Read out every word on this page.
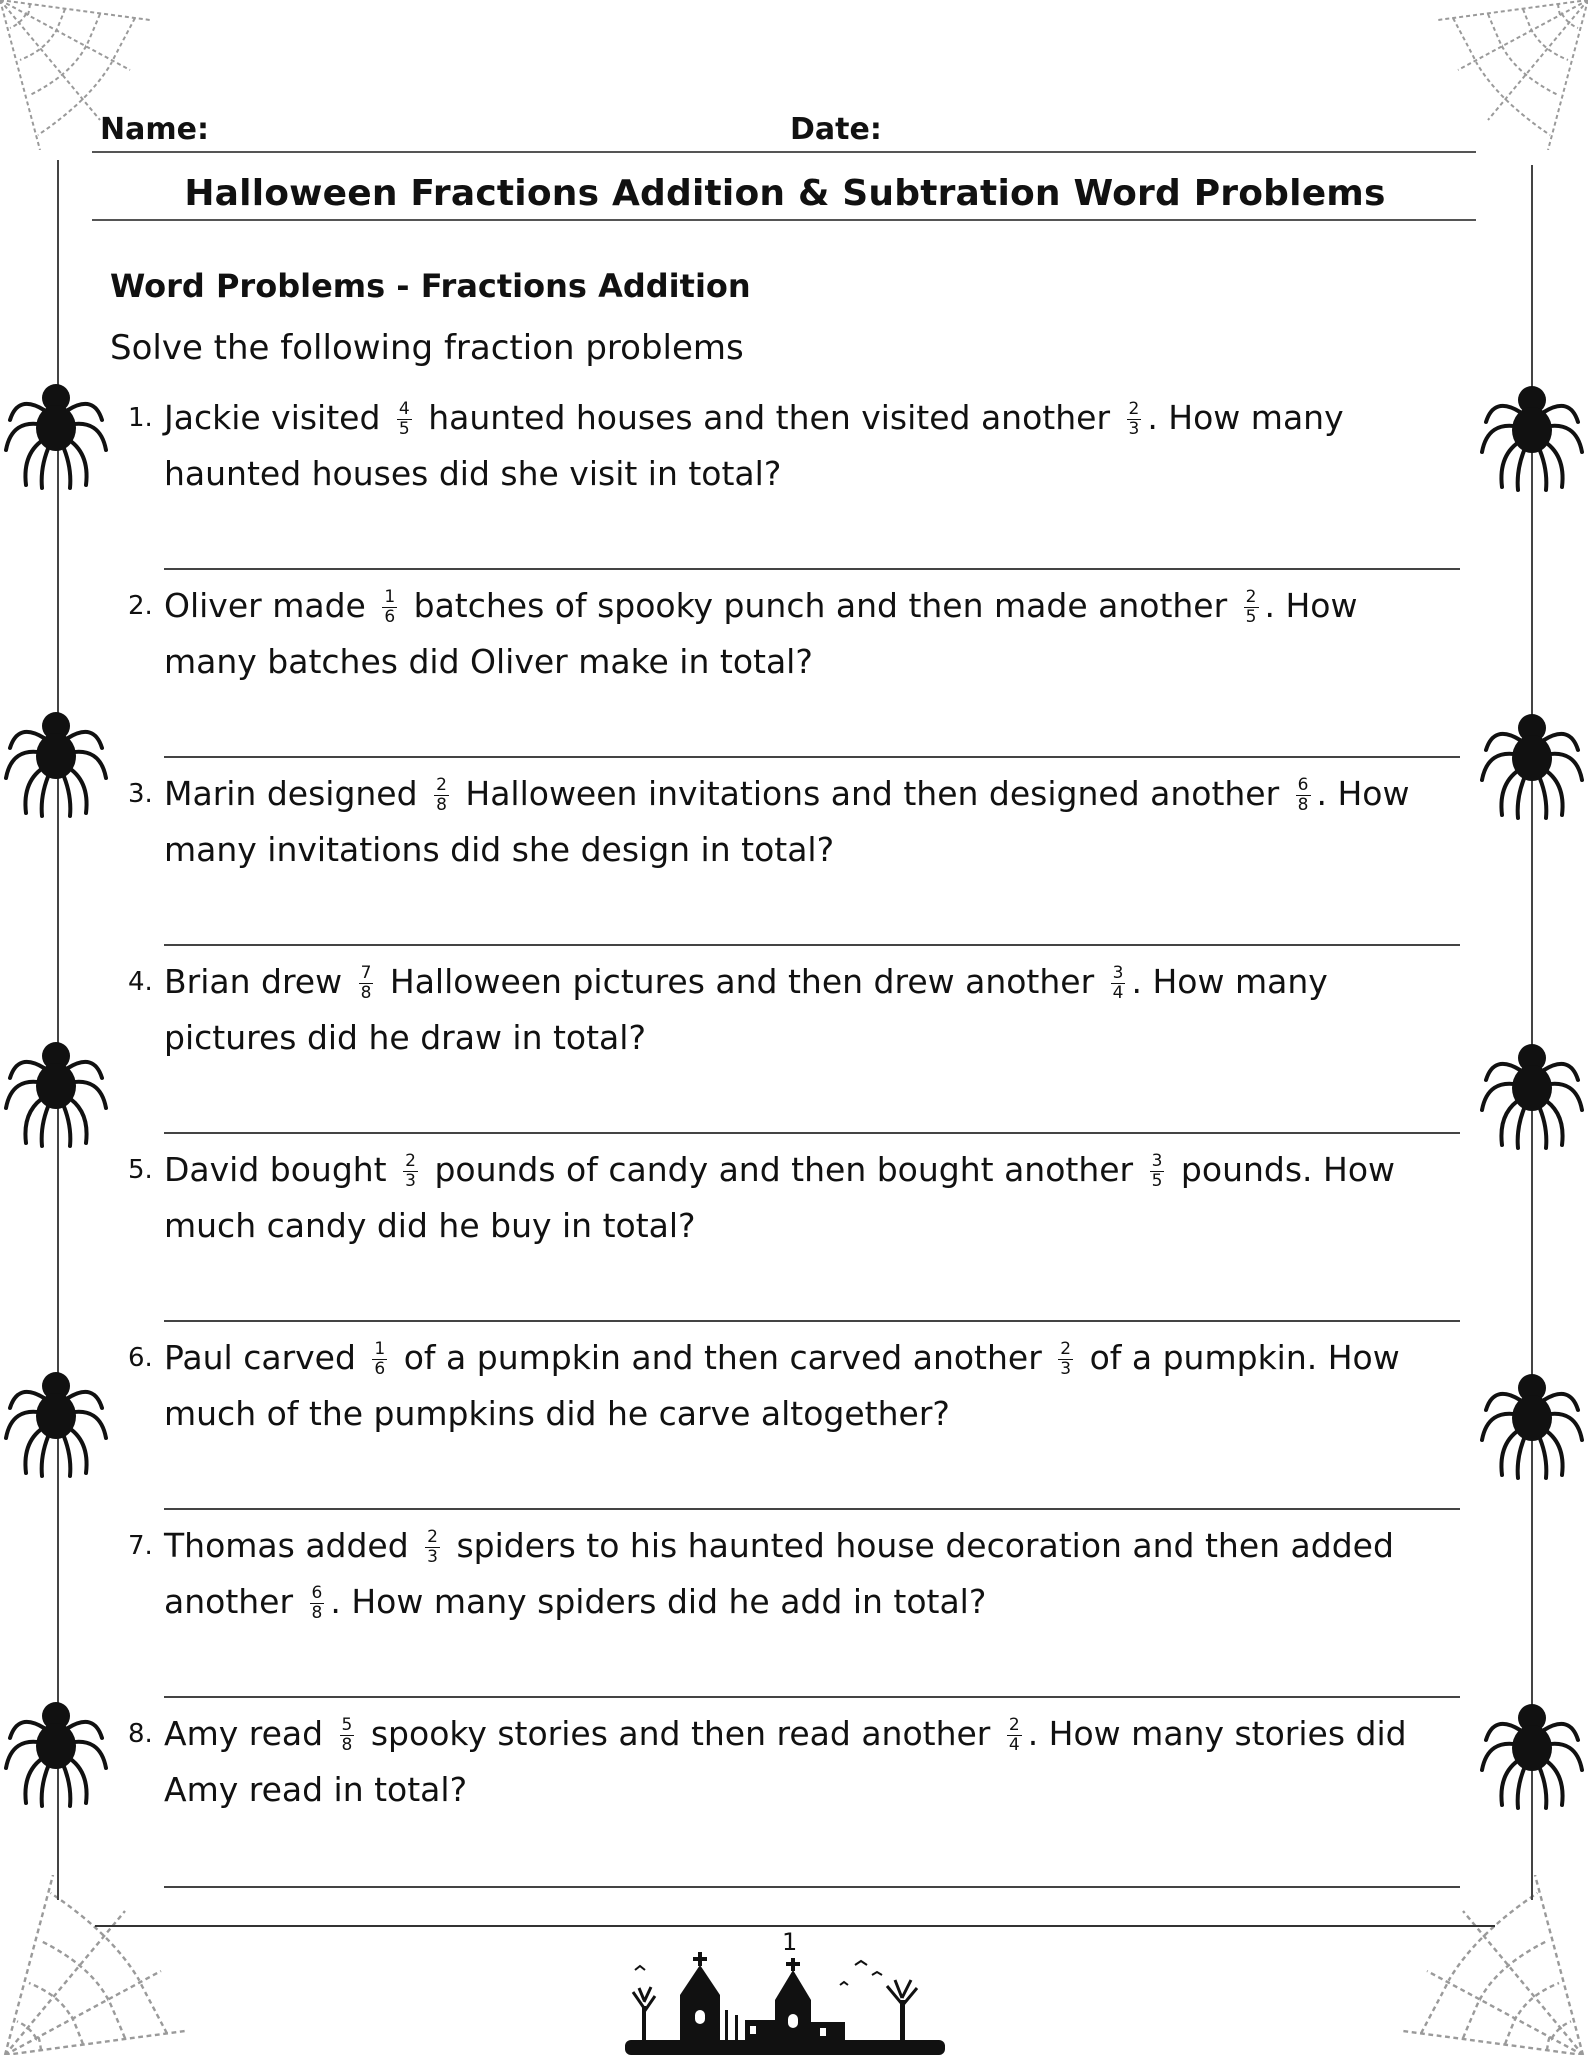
Name:	Date:
Halloween Fractions Addition & Subtration Word Problems
Word Problems - Fractions Addition
Solve the following fraction problems
1. Jackie visited $\frac{4}{5}$ haunted houses and then visited another $\frac{2}{3}$ . How many haunted houses did she visit in total?
2. Oliver made $\frac{1}{6}$ batches of spooky punch and then made another $\frac{2}{5}$ . How many batches did Oliver make in total?
3. Marin designed $\frac{2}{8}$ Halloween invitations and then designed another $\frac{6}{8}$ . How many invitations did she design in total?
4. Brian drew $\frac{7}{8}$ Halloween pictures and then drew another $\frac{3}{4}$ . How many pictures did he draw in total?
5. David bought $\frac{2}{3}$ pounds of candy and then bought another $\frac{3}{5}$ pounds. How much candy did he buy in total?
6. Paul carved $\frac{1}{6}$ of a pumpkin and then carved another $\frac{2}{3}$ of a pumpkin. How much of the pumpkins did he carve altogether?
7. Thomas added $\frac{2}{3}$ spiders to his haunted house decoration and then added another $\frac{6}{8}$ . How many spiders did he add in total?
8. Amy read $\frac{5}{8}$ spooky stories and then read another $\frac{2}{4}$ . How many stories did Amy read in total?
1
